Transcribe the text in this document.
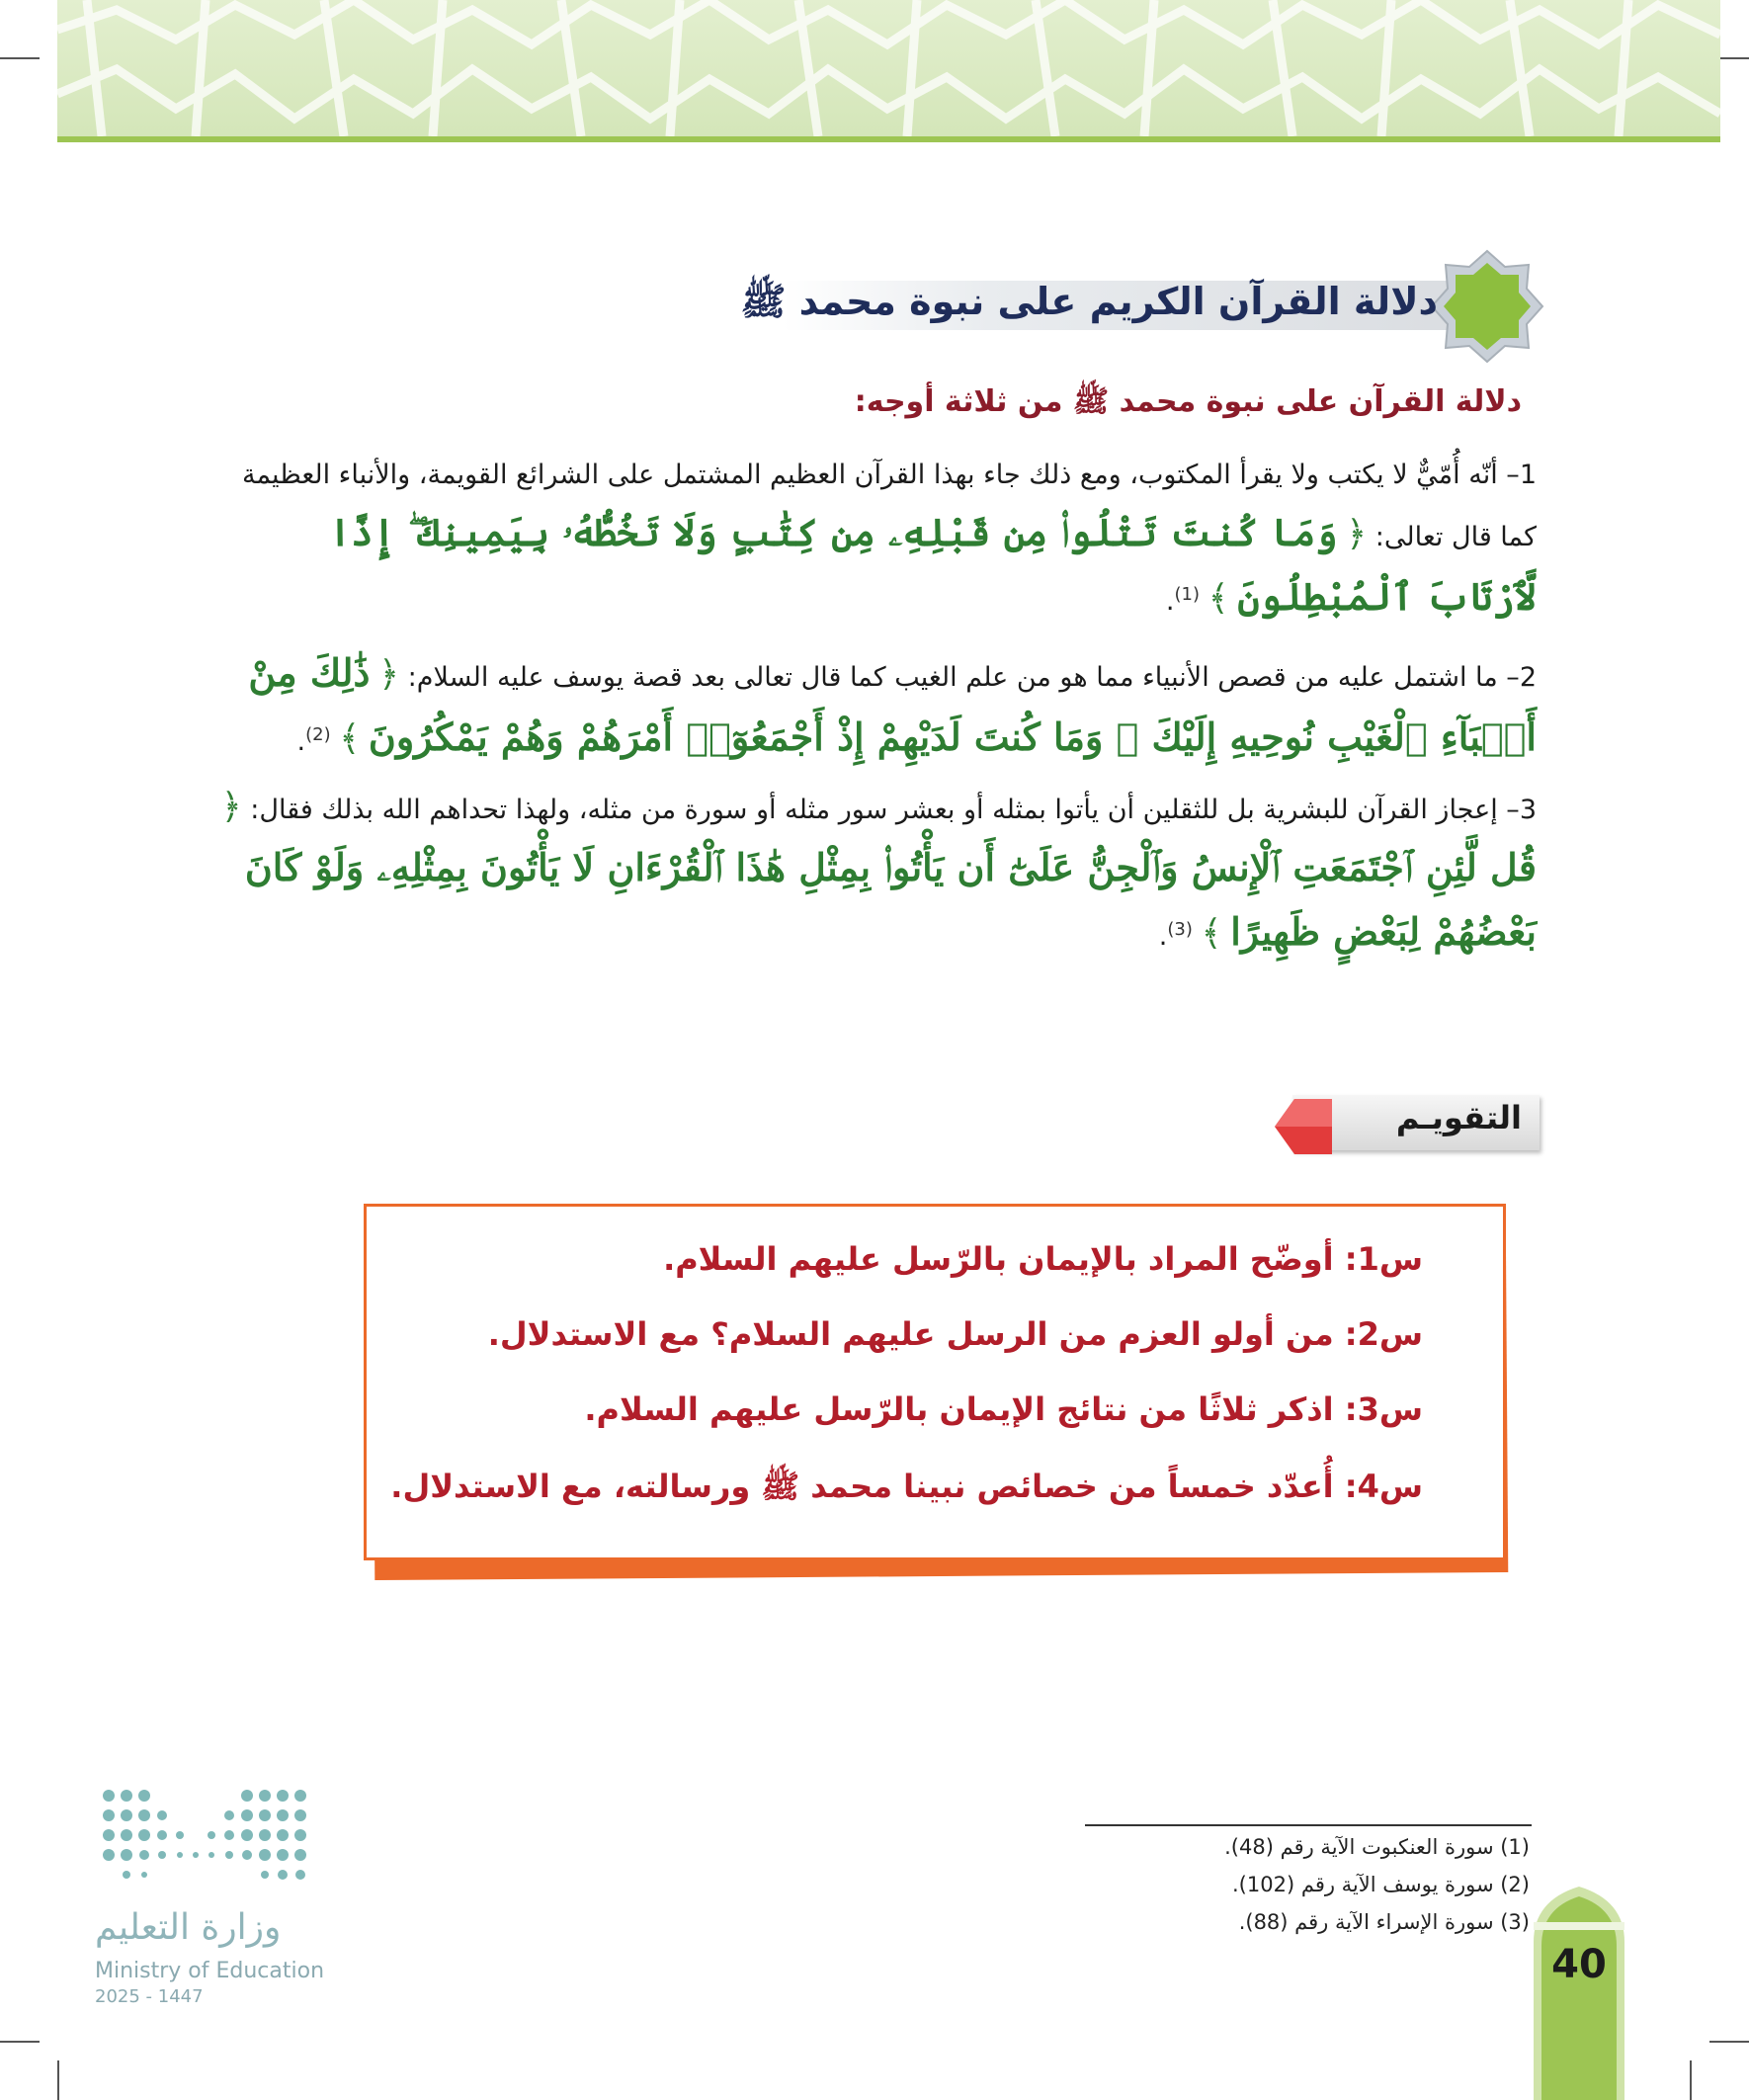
دلالة القرآن الكريم على نبوة محمد ﷺ
دلالة القرآن على نبوة محمد ﷺ من ثلاثة أوجه:
1– أنّه أُمّيٌّ لا يكتب ولا يقرأ المكتوب، ومع ذلك جاء بهذا القرآن العظيم المشتمل على الشرائع القويمة، والأنباء العظيمة كما قال تعالى: ﴿ وَمَا كُنتَ تَتْلُوا۟ مِن قَبْلِهِۦ مِن كِتَٰبٍ وَلَا تَخُطُّهُۥ بِيَمِينِكَ ۖ إِذًا لَّٱرْتَابَ ٱلْمُبْطِلُونَ ﴾ $^{(1)}$.
2– ما اشتمل عليه من قصص الأنبياء مما هو من علم الغيب كما قال تعالى بعد قصة يوسف عليه السلام: ﴿ ذَٰلِكَ مِنْ أَنۢبَآءِ ٱلْغَيْبِ نُوحِيهِ إِلَيْكَ ۖ وَمَا كُنتَ لَدَيْهِمْ إِذْ أَجْمَعُوٓا۟ أَمْرَهُمْ وَهُمْ يَمْكُرُونَ ﴾ $^{(2)}$.
3– إعجاز القرآن للبشرية بل للثقلين أن يأتوا بمثله أو بعشر سور مثله أو سورة من مثله، ولهذا تحداهم الله بذلك فقال: ﴿ قُل لَّئِنِ ٱجْتَمَعَتِ ٱلْإِنسُ وَٱلْجِنُّ عَلَىٰٓ أَن يَأْتُوا۟ بِمِثْلِ هَٰذَا ٱلْقُرْءَانِ لَا يَأْتُونَ بِمِثْلِهِۦ وَلَوْ كَانَ بَعْضُهُمْ لِبَعْضٍ ظَهِيرًا ﴾ $^{(3)}$.
التقويـم
س1: أوضّح المراد بالإيمان بالرّسل عليهم السلام.
س2: من أولو العزم من الرسل عليهم السلام؟ مع الاستدلال.
س3: اذكر ثلاثًا من نتائج الإيمان بالرّسل عليهم السلام.
س4: أُعدّد خمساً من خصائص نبينا محمد ﷺ ورسالته، مع الاستدلال.
(1) سورة العنكبوت الآية رقم (48).
(2) سورة يوسف الآية رقم (102).
(3) سورة الإسراء الآية رقم (88).
وزارة التعليم
Ministry of Education
2025 - 1447
40
